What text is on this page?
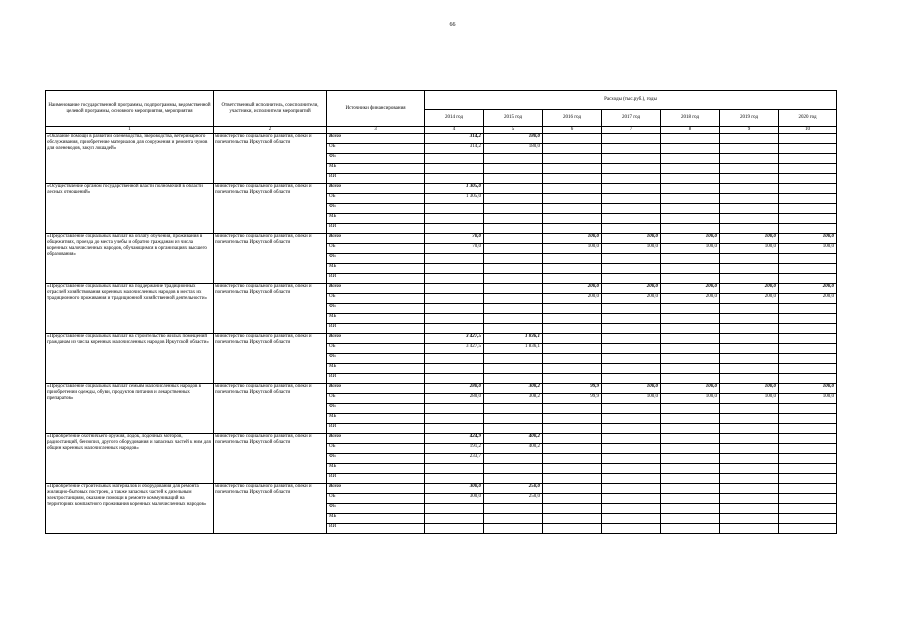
66
Наименование государственной программы, подпрограммы, ведомственной целевой программы, основного мероприятия, мероприятия	Ответственный исполнитель, соисполнители, участники, исполнители мероприятий	Источники финансирования	Расходы (тыс.руб.), годы						
			2014 год	2015 год	2016 год	2017 год	2018 год	2019 год	2020 год
1	2	3	4	5	6	7	8	9	10
«Оказание помощи в развитии оленеводства, звероводства, ветеринарного обслуживания, приобретение материалов для сооружения и ремонта чумов для оленеводов, закуп лошадей»	министерство социального развития, опеки и попечительства Иркутской области	Всего	314,2	180,0					
		ОБ	314,2	180,0					
		ФБ							
		МБ							
		ИИ							
«Осуществление органом государственной власти полномочий в области лесных отношений»	министерство социального развития, опеки и попечительства Иркутской области	Всего	1 305,0						
		ОБ	1 305,0						
		ФБ							
		МБ							
		ИИ							
«Предоставление социальных выплат на оплату обучения, проживания в общежитиях, проезда до места учебы и обратно гражданам из числа коренных малочисленных народов, обучающимся в организациях высшего образования»	министерство социального развития, опеки и попечительства Иркутской области	Всего	70,0		100,0	100,0	100,0	100,0	100,0
		ОБ	70,0		100,0	100,0	100,0	100,0	100,0
		ФБ							
		МБ							
		ИИ							
«Предоставление социальных выплат на поддержание традиционных отраслей хозяйствования коренных малочисленных народов в местах их традиционного проживания и традиционной хозяйственной деятельности»	министерство социального развития, опеки и попечительства Иркутской области	Всего			200,0	200,0	200,0	200,0	200,0
		ОБ			200,0	200,0	200,0	200,0	200,0
		ФБ							
		МБ							
		ИИ							
«Предоставление социальных выплат на строительство жилых помещений гражданам из числа коренных малочисленных народов Иркутской области»	министерство социального развития, опеки и попечительства Иркутской области	Всего	3 427,5	1 836,1					
		ОБ	3 427,5	1 836,1					
		ФБ							
		МБ							
		ИИ							
«Предоставление социальных выплат семьям малочисленных народов в приобретении одежды, обуви, продуктов питания и лекарственных препаратов»	министерство социального развития, опеки и попечительства Иркутской области	Всего	280,0	308,2	99,9	100,0	100,0	100,0	100,0
		ОБ	280,0	308,2	99,9	100,0	100,0	100,0	100,0
		ФБ							
		МБ							
		ИИ							
«Приобретение охотничьего оружия, лодок, лодочных моторов, радиостанций, бензопил, другого оборудования и запасных частей к ним для общин коренных малочисленных народов»	министерство социального развития, опеки и попечительства Иркутской области	Всего	424,9	400,2					
		ОБ	191,2	400,2					
		ФБ	233,7						
		МБ							
		ИИ							
«Приобретение строительных материалов и оборудования для ремонта жилищно-бытовых построек, а также запасных частей к дизельным электростанциям, оказание помощи в ремонте коммуникаций на территориях компактного проживания коренных малочисленных народов»	министерство социального развития, опеки и попечительства Иркутской области	Всего	300,0	250,0					
		ОБ	300,0	250,0					
		ФБ							
		МБ							
		ИИ							
